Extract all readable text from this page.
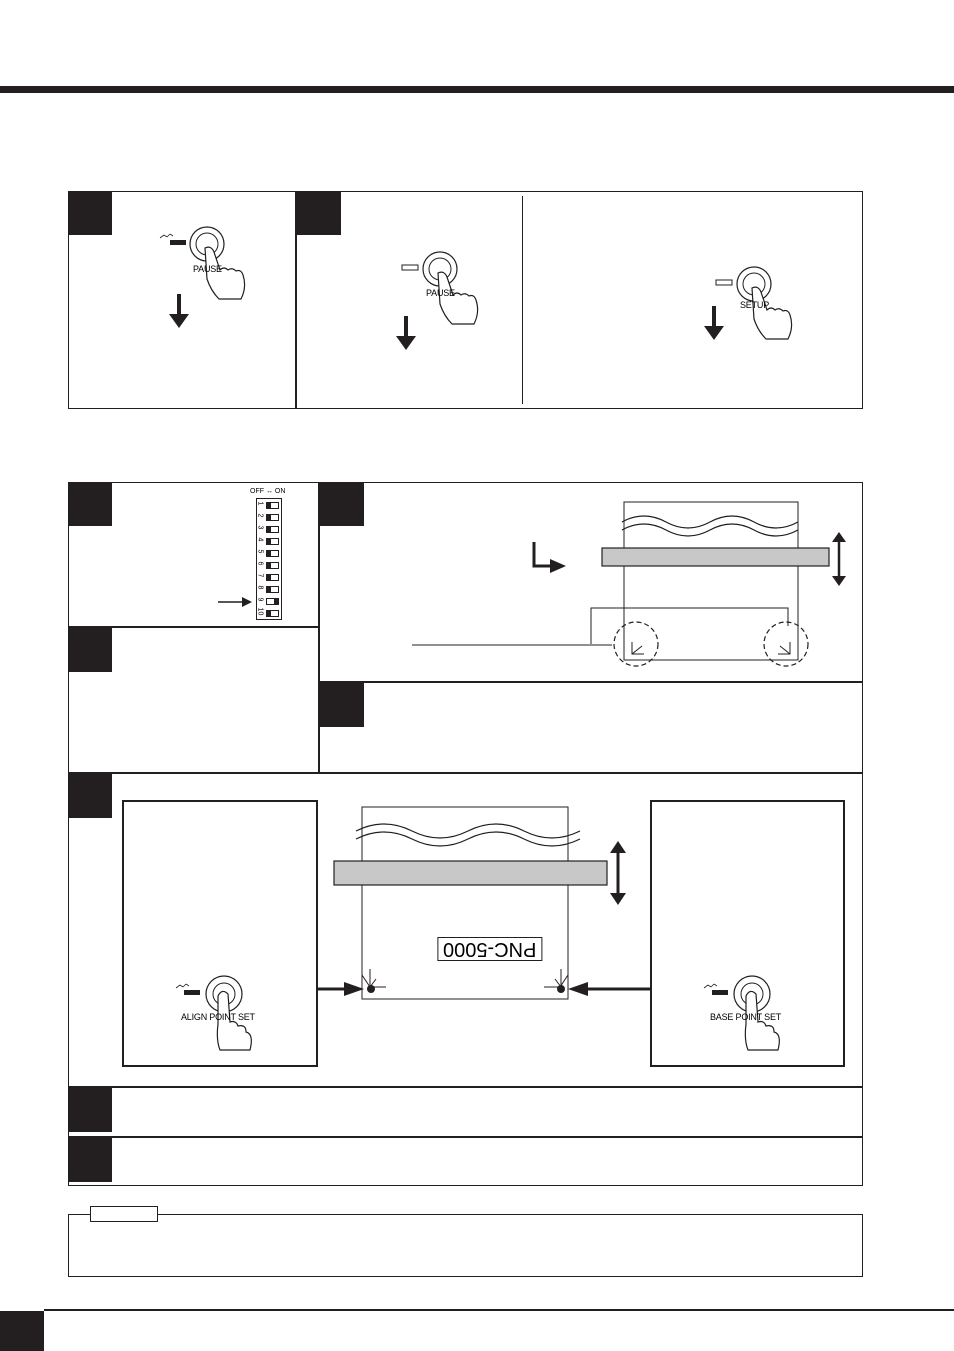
PAUSE
PAUSE
SETUP
OFF ↔ ON
1
2
3
4
5
6
7
8
9
10
ALIGN POINT SET	BASE POINT SET
PNC-5000
